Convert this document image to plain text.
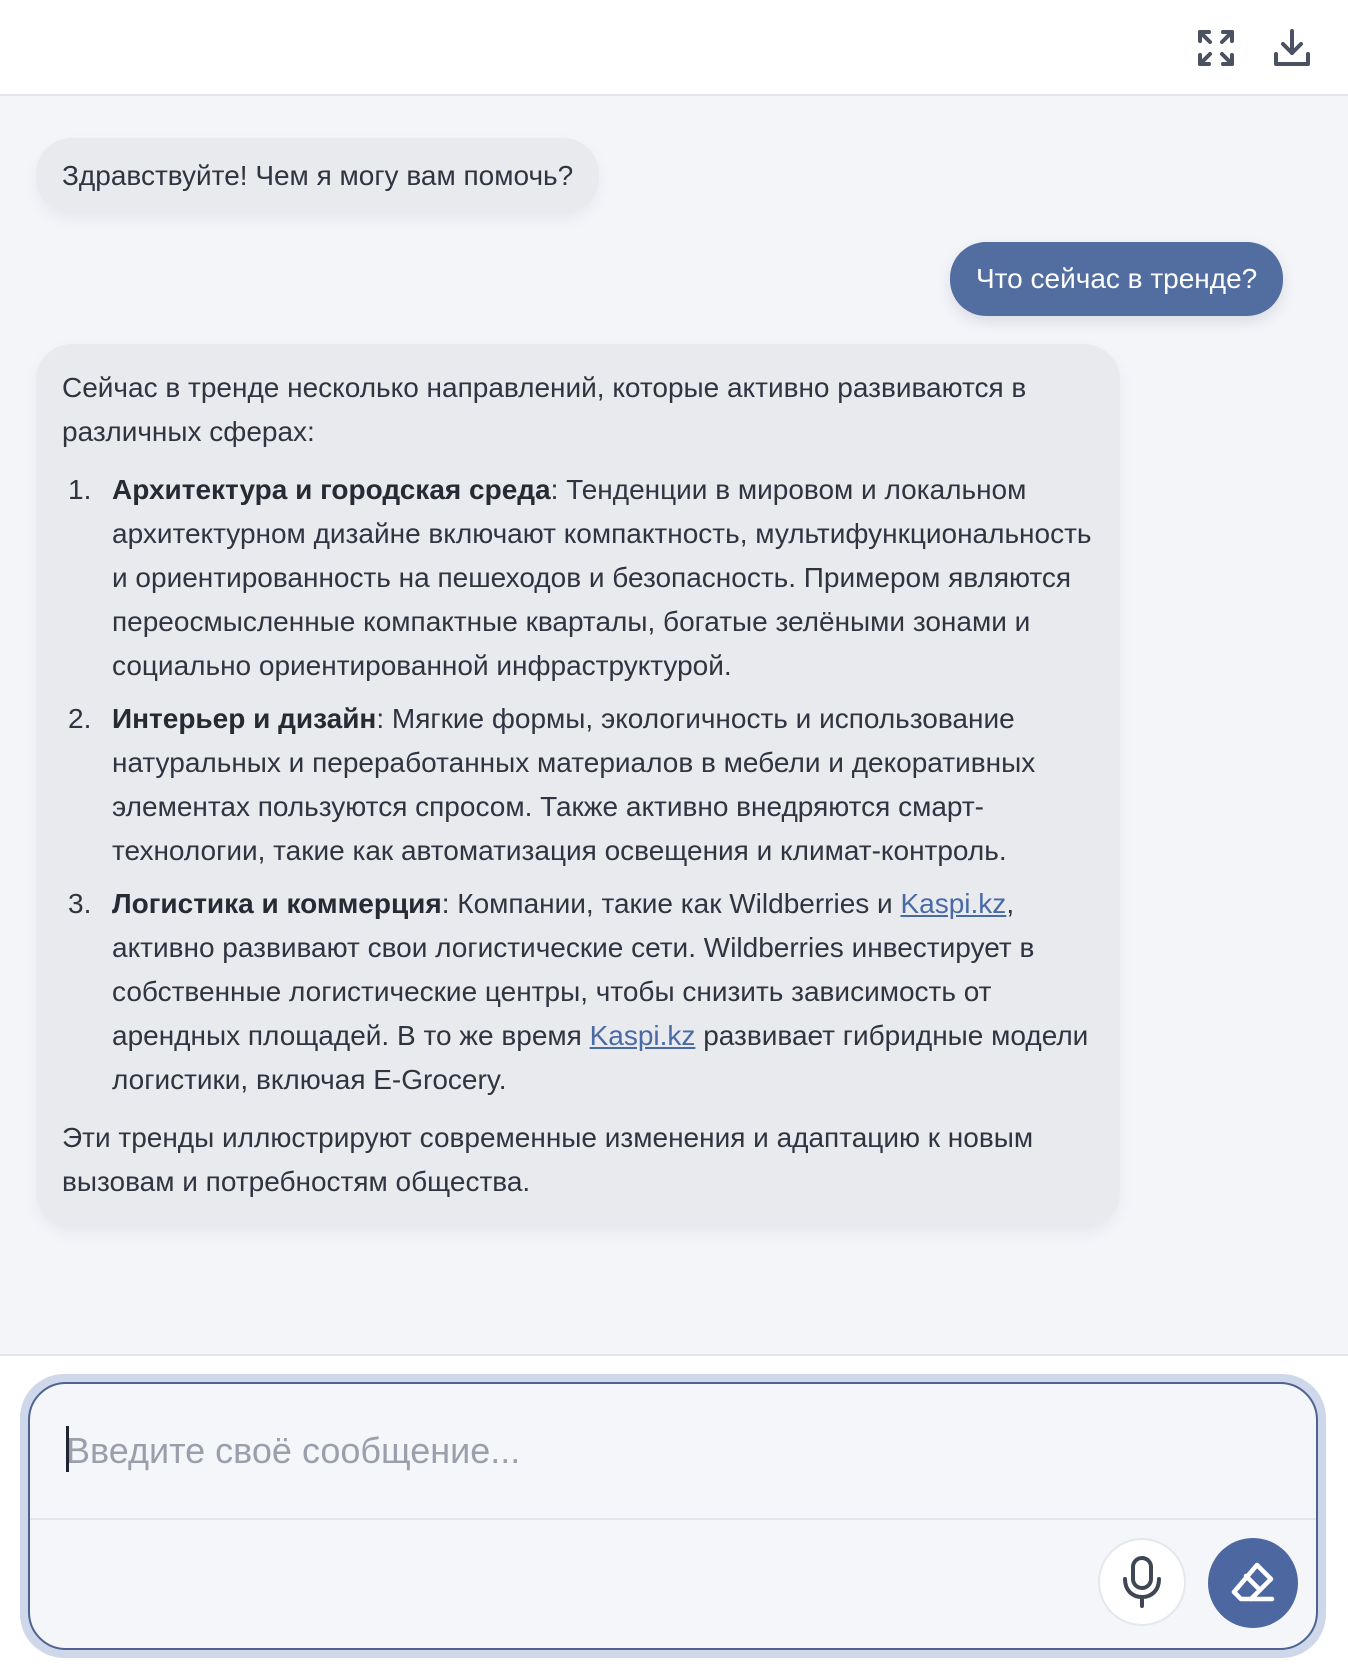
Здравствуйте! Чем я могу вам помочь?
Что сейчас в тренде?

Сейчас в тренде несколько направлений, которые активно развиваются в различных сферах:

1. Архитектура и городская среда: Тенденции в мировом и локальном архитектурном дизайне включают компактность, мультифункциональность и ориентированность на пешеходов и безопасность. Примером являются переосмысленные компактные кварталы, богатые зелёными зонами и социально ориентированной инфраструктурой.
2. Интерьер и дизайн: Мягкие формы, экологичность и использование натуральных и переработанных материалов в мебели и декоративных элементах пользуются спросом. Также активно внедряются смарт-технологии, такие как автоматизация освещения и климат-контроль.
3. Логистика и коммерция: Компании, такие как Wildberries и Kaspi.kz, активно развивают свои логистические сети. Wildberries инвестирует в собственные логистические центры, чтобы снизить зависимость от арендных площадей. В то же время Kaspi.kz развивает гибридные модели логистики, включая E-Grocery.

Эти тренды иллюстрируют современные изменения и адаптацию к новым вызовам и потребностям общества.

Введите своё сообщение...
